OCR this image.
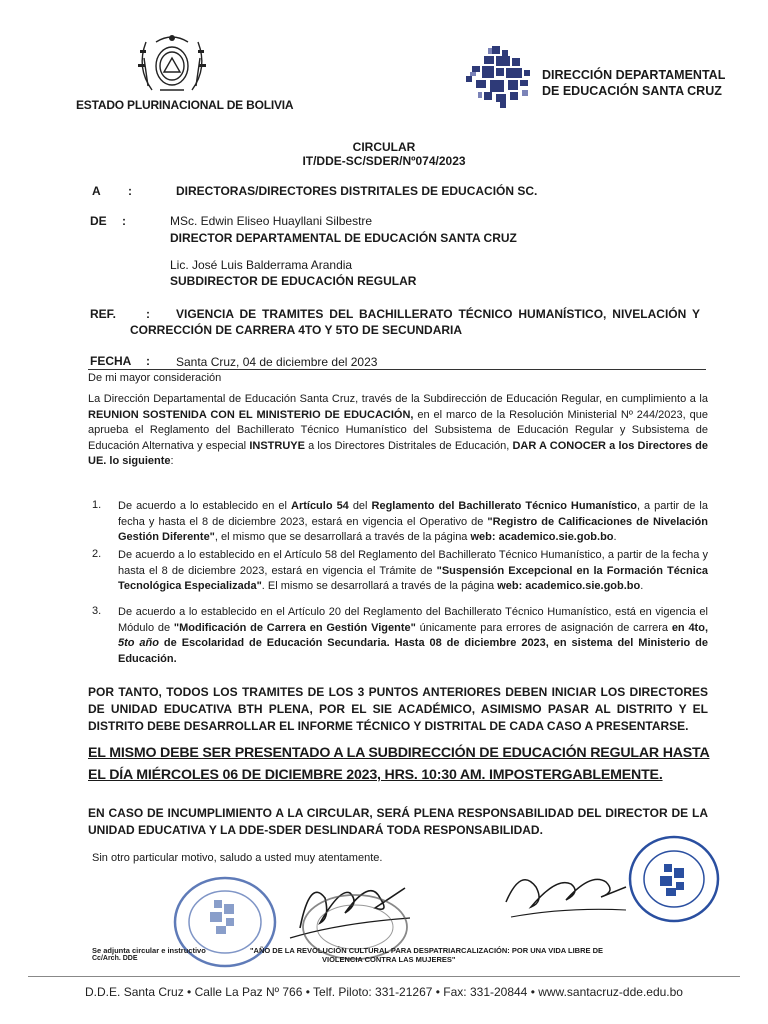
ESTADO PLURINACIONAL DE BOLIVIA
DIRECCIÓN DEPARTAMENTAL
DE EDUCACIÓN SANTA CRUZ
CIRCULAR
IT/DDE-SC/SDER/Nº074/2023
A :	DIRECTORAS/DIRECTORES DISTRITALES DE EDUCACIÓN SC.
DE :	MSc. Edwin Eliseo Huayllani Silbestre
DIRECTOR DEPARTAMENTAL DE EDUCACIÓN SANTA CRUZ
Lic. José Luis Balderrama Arandia
SUBDIRECTOR DE EDUCACIÓN REGULAR
REF. : VIGENCIA DE TRAMITES DEL BACHILLERATO TÉCNICO HUMANÍSTICO, NIVELACIÓN Y
CORRECCIÓN DE CARRERA 4TO Y 5TO DE SECUNDARIA
FECHA : Santa Cruz, 04 de diciembre del 2023
De mi mayor consideración

La Dirección Departamental de Educación Santa Cruz, través de la Subdirección de Educación Regular, en cumplimiento a la REUNION SOSTENIDA CON EL MINISTERIO DE EDUCACIÓN, en el marco de la Resolución Ministerial Nº 244/2023, que aprueba el Reglamento del Bachillerato Técnico Humanístico del Subsistema de Educación Regular y Subsistema de Educación Alternativa y especial INSTRUYE a los Directores Distritales de Educación, DAR A CONOCER a los Directores de UE. lo siguiente:

1. De acuerdo a lo establecido en el Artículo 54 del Reglamento del Bachillerato Técnico Humanístico, a partir de la fecha y hasta el 8 de diciembre 2023, estará en vigencia el Operativo de "Registro de Calificaciones de Nivelación Gestión Diferente", el mismo que se desarrollará a través de la página web: academico.sie.gob.bo.

2. De acuerdo a lo establecido en el Artículo 58 del Reglamento del Bachillerato Técnico Humanístico, a partir de la fecha y hasta el 8 de diciembre 2023, estará en vigencia el Trámite de "Suspensión Excepcional en la Formación Técnica Tecnológica Especializada". El mismo se desarrollará a través de la página web: academico.sie.gob.bo.

3. De acuerdo a lo establecido en el Artículo 20 del Reglamento del Bachillerato Técnico Humanístico, está en vigencia el Módulo de "Modificación de Carrera en Gestión Vigente" únicamente para errores de asignación de carrera en 4to, 5to año de Escolaridad de Educación Secundaria. Hasta 08 de diciembre 2023, en sistema del Ministerio de Educación.

POR TANTO, TODOS LOS TRAMITES DE LOS 3 PUNTOS ANTERIORES DEBEN INICIAR LOS DIRECTORES DE UNIDAD EDUCATIVA BTH PLENA, POR EL SIE ACADÉMICO, ASIMISMO PASAR AL DISTRITO Y EL DISTRITO DEBE DESARROLLAR EL INFORME TÉCNICO Y DISTRITAL DE CADA CASO A PRESENTARSE.

EL MISMO DEBE SER PRESENTADO A LA SUBDIRECCIÓN DE EDUCACIÓN REGULAR HASTA
EL DÍA MIÉRCOLES 06 DE DICIEMBRE 2023, HRS. 10:30 AM. IMPOSTERGABLEMENTE.

EN CASO DE INCUMPLIMIENTO A LA CIRCULAR, SERÁ PLENA RESPONSABILIDAD DEL DIRECTOR DE LA UNIDAD EDUCATIVA Y LA DDE-SDER DESLINDARÁ TODA RESPONSABILIDAD.

Sin otro particular motivo, saludo a usted muy atentamente.
Se adjunta circular e instructivo
Cc/Arch. DDE
"AÑO DE LA REVOLUCIÓN CULTURAL PARA DESPATRIARCALIZACIÓN: POR UNA VIDA LIBRE DE
VIOLENCIA CONTRA LAS MUJERES"
D.D.E. Santa Cruz • Calle La Paz Nº 766 • Telf. Piloto: 331-21267 • Fax: 331-20844 • www.santacruz-dde.edu.bo
